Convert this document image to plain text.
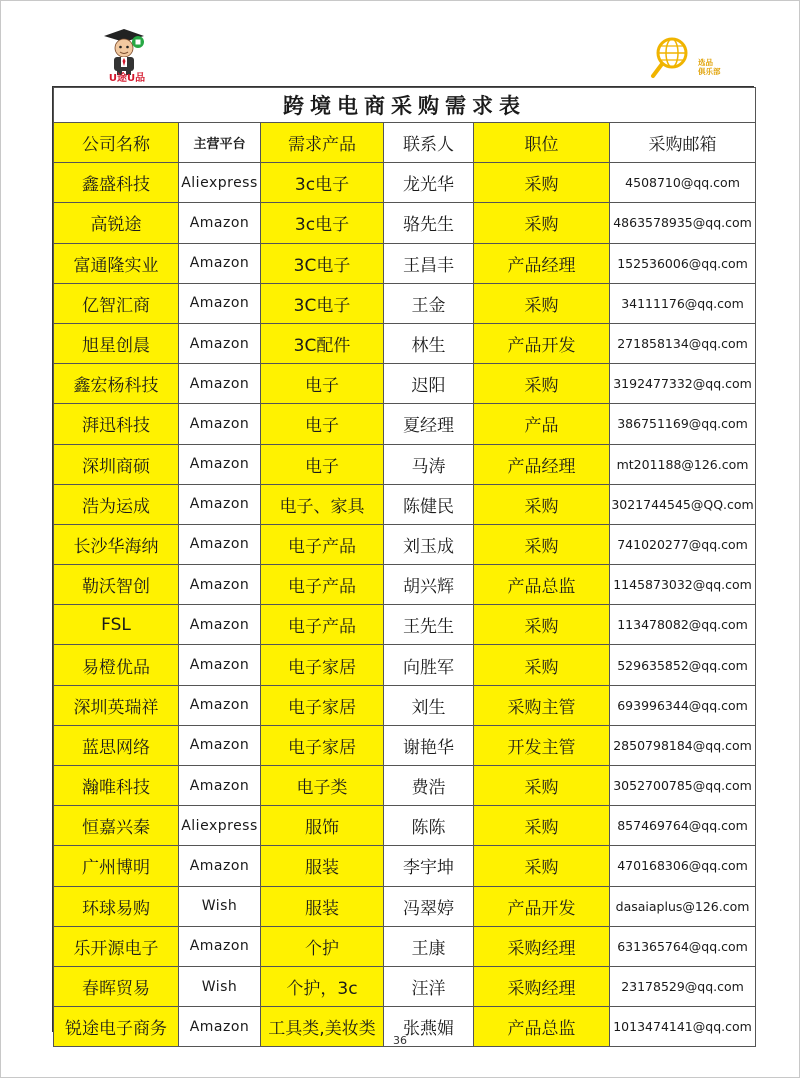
U途U品
选品
俱乐部
跨境电商采购需求表					
公司名称	主营平台	需求产品	联系人	职位	采购邮箱
鑫盛科技	Aliexpress	3c电子	龙光华	采购	4508710@qq.com
高锐途	Amazon	3c电子	骆先生	采购	4863578935@qq.com
富通隆实业	Amazon	3C电子	王昌丰	产品经理	152536006@qq.com
亿智汇商	Amazon	3C电子	王金	采购	34111176@qq.com
旭星创晨	Amazon	3C配件	林生	产品开发	271858134@qq.com
鑫宏杨科技	Amazon	电子	迟阳	采购	3192477332@qq.com
湃迅科技	Amazon	电子	夏经理	产品	386751169@qq.com
深圳商硕	Amazon	电子	马涛	产品经理	mt201188@126.com
浩为运成	Amazon	电子、家具	陈健民	采购	3021744545@QQ.com
长沙华海纳	Amazon	电子产品	刘玉成	采购	741020277@qq.com
勒沃智创	Amazon	电子产品	胡兴辉	产品总监	1145873032@qq.com
FSL	Amazon	电子产品	王先生	采购	113478082@qq.com
易橙优品	Amazon	电子家居	向胜军	采购	529635852@qq.com
深圳英瑞祥	Amazon	电子家居	刘生	采购主管	693996344@qq.com
蓝思网络	Amazon	电子家居	谢艳华	开发主管	2850798184@qq.com
瀚唯科技	Amazon	电子类	费浩	采购	3052700785@qq.com
恒嘉兴秦	Aliexpress	服饰	陈陈	采购	857469764@qq.com
广州博明	Amazon	服装	李宇坤	采购	470168306@qq.com
环球易购	Wish	服装	冯翠婷	产品开发	dasaiaplus@126.com
乐开源电子	Amazon	个护	王康	采购经理	631365764@qq.com
春晖贸易	Wish	个护，3c	汪洋	采购经理	23178529@qq.com
锐途电子商务	Amazon	工具类,美妆类	张燕媚	产品总监	1013474141@qq.com
36
